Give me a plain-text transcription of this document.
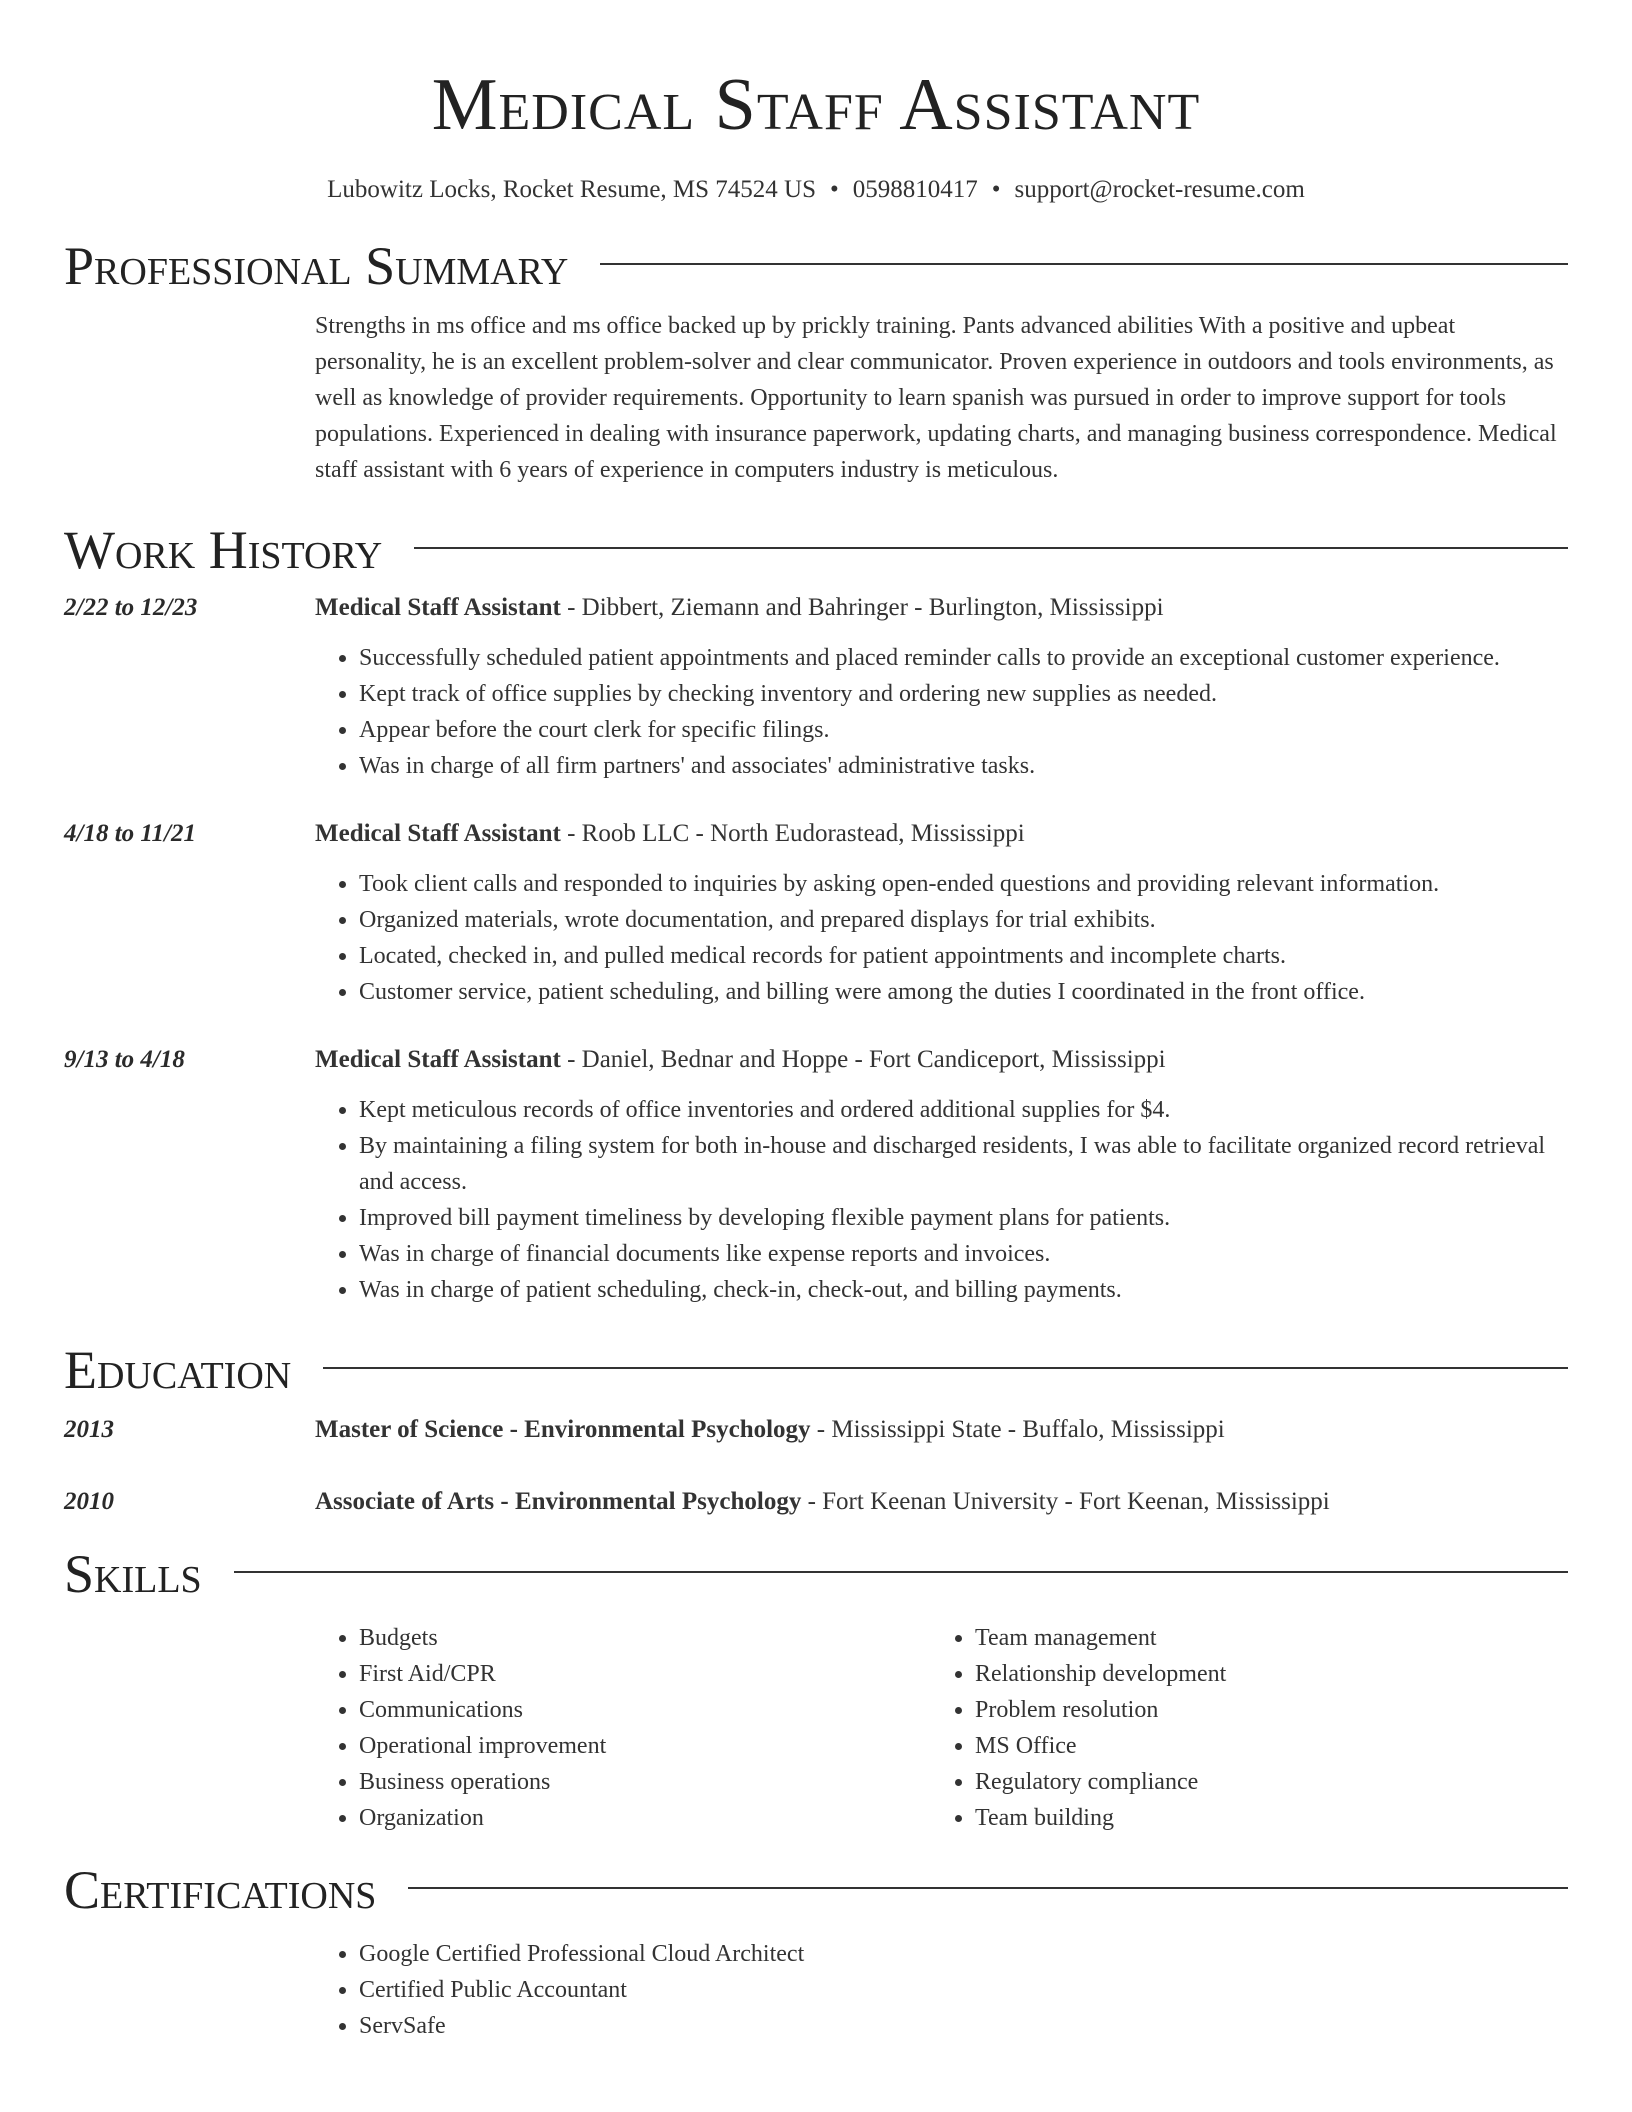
Medical Staff Assistant
Lubowitz Locks, Rocket Resume, MS 74524 US • 0598810417 • support@rocket-resume.com
Professional Summary

Strengths in ms office and ms office backed up by prickly training. Pants advanced abilities With a positive and upbeat personality, he is an excellent problem-solver and clear communicator. Proven experience in outdoors and tools environments, as well as knowledge of provider requirements. Opportunity to learn spanish was pursued in order to improve support for tools populations. Experienced in dealing with insurance paperwork, updating charts, and managing business correspondence. Medical staff assistant with 6 years of experience in computers industry is meticulous.

Work History
2/22 to 12/23	Medical Staff Assistant - Dibbert, Ziemann and Bahringer - Burlington, Mississippi
• Successfully scheduled patient appointments and placed reminder calls to provide an exceptional customer experience.
• Kept track of office supplies by checking inventory and ordering new supplies as needed.
• Appear before the court clerk for specific filings.
• Was in charge of all firm partners' and associates' administrative tasks.
4/18 to 11/21	Medical Staff Assistant - Roob LLC - North Eudorastead, Mississippi
• Took client calls and responded to inquiries by asking open-ended questions and providing relevant information.
• Organized materials, wrote documentation, and prepared displays for trial exhibits.
• Located, checked in, and pulled medical records for patient appointments and incomplete charts.
• Customer service, patient scheduling, and billing were among the duties I coordinated in the front office.
9/13 to 4/18	Medical Staff Assistant - Daniel, Bednar and Hoppe - Fort Candiceport, Mississippi
• Kept meticulous records of office inventories and ordered additional supplies for $4.
• By maintaining a filing system for both in-house and discharged residents, I was able to facilitate organized record retrieval and access.
• Improved bill payment timeliness by developing flexible payment plans for patients.
• Was in charge of financial documents like expense reports and invoices.
• Was in charge of patient scheduling, check-in, check-out, and billing payments.
Education
2013	Master of Science - Environmental Psychology - Mississippi State - Buffalo, Mississippi
2010	Associate of Arts - Environmental Psychology - Fort Keenan University - Fort Keenan, Mississippi
Skills
• Budgets
• First Aid/CPR
• Communications
• Operational improvement
• Business operations
• Organization
• Team management
• Relationship development
• Problem resolution
• MS Office
• Regulatory compliance
• Team building
Certifications
• Google Certified Professional Cloud Architect
• Certified Public Accountant
• ServSafe
